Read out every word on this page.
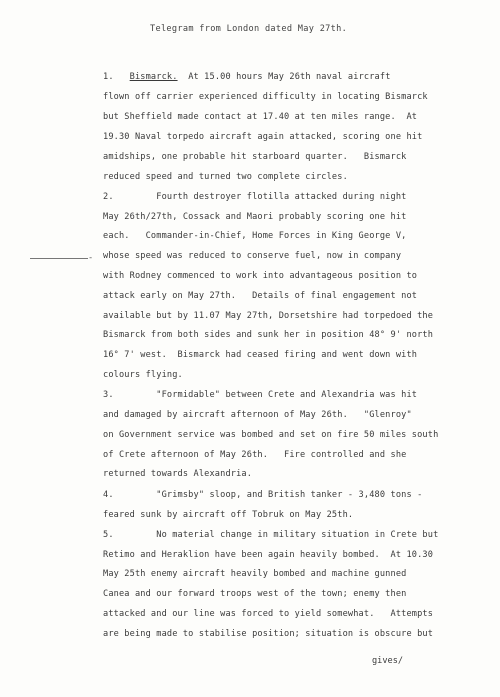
Telegram from London dated May 27th.
-
1. Bismarck.  At 15.00 hours May 26th naval aircraft
flown off carrier experienced difficulty in locating Bismarck
but Sheffield made contact at 17.40 at ten miles range.  At
19.30 Naval torpedo aircraft again attacked, scoring one hit
amidships, one probable hit starboard quarter.   Bismarck
reduced speed and turned two complete circles.
2.        Fourth destroyer flotilla attacked during night
May 26th/27th, Cossack and Maori probably scoring one hit
each.   Commander-in-Chief, Home Forces in King George V,
whose speed was reduced to conserve fuel, now in company
with Rodney commenced to work into advantageous position to
attack early on May 27th.   Details of final engagement not
available but by 11.07 May 27th, Dorsetshire had torpedoed the
Bismarck from both sides and sunk her in position 48° 9' north
16° 7' west.  Bismarck had ceased firing and went down with
colours flying.
3.        "Formidable" between Crete and Alexandria was hit
and damaged by aircraft afternoon of May 26th.   "Glenroy"
on Government service was bombed and set on fire 50 miles south
of Crete afternoon of May 26th.   Fire controlled and she
returned towards Alexandria.
4.        "Grimsby" sloop, and British tanker - 3,480 tons -
feared sunk by aircraft off Tobruk on May 25th.
5.        No material change in military situation in Crete but
Retimo and Heraklion have been again heavily bombed.  At 10.30
May 25th enemy aircraft heavily bombed and machine gunned
Canea and our forward troops west of the town; enemy then
attacked and our line was forced to yield somewhat.   Attempts
are being made to stabilise position; situation is obscure but
gives/
